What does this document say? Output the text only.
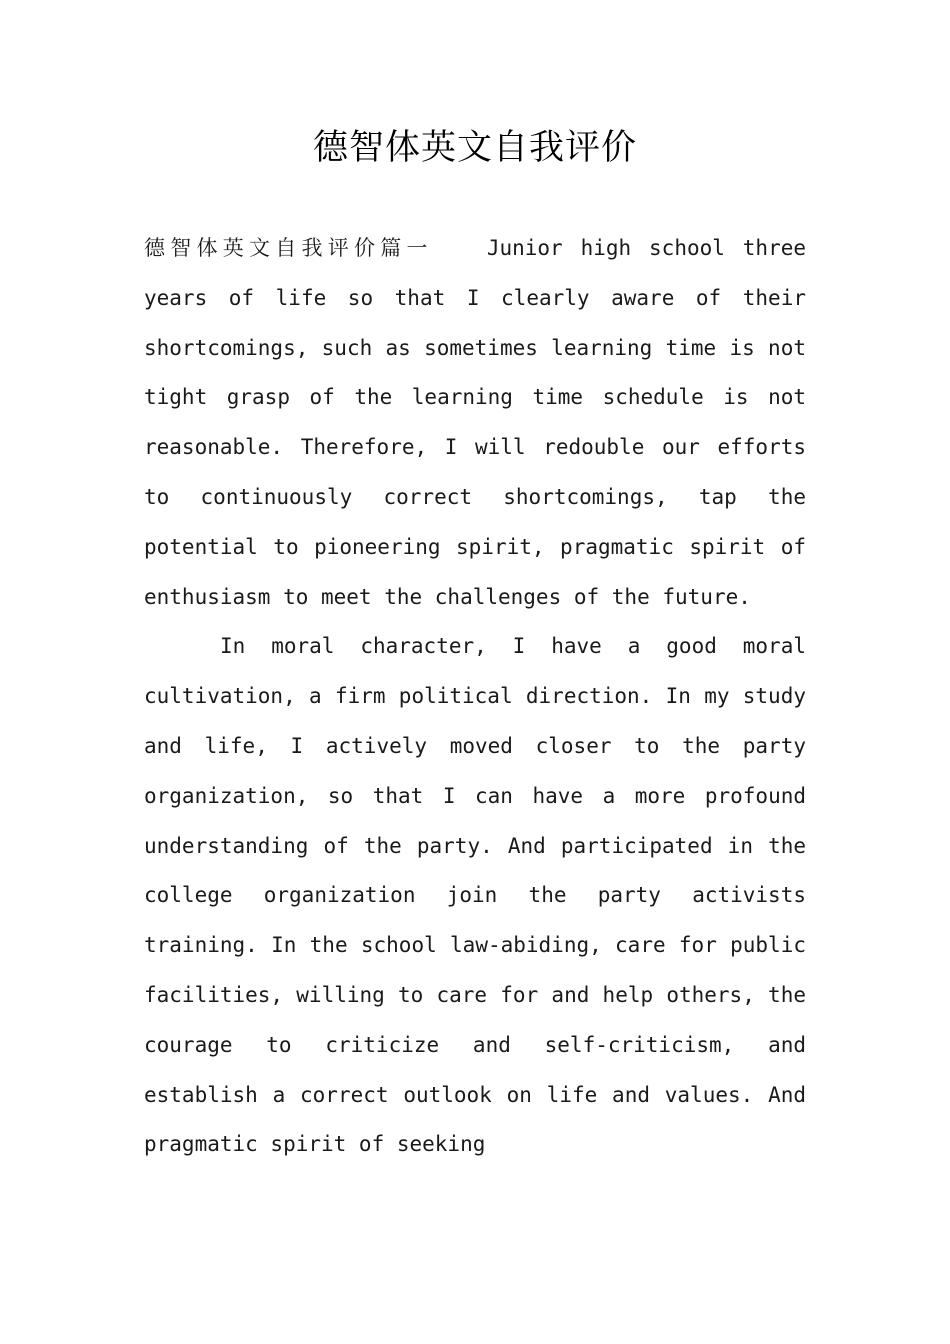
德智体英文自我评价

德智体英文自我评价篇一	Junior high school three years of life so that I clearly aware of their shortcomings, such as sometimes learning time is not tight grasp of the learning time schedule is not reasonable. Therefore, I will redouble our efforts to continuously correct shortcomings, tap the potential to pioneering spirit, pragmatic spirit of enthusiasm to meet the challenges of the future.

In moral character, I have a good moral cultivation, a firm political direction. In my study and life, I actively moved closer to the party organization, so that I can have a more profound understanding of the party. And participated in the college organization join the party activists training. In the school law-abiding, care for public facilities, willing to care for and help others, the courage to criticize and self-criticism, and establish a correct outlook on life and values. And pragmatic spirit of seeking
